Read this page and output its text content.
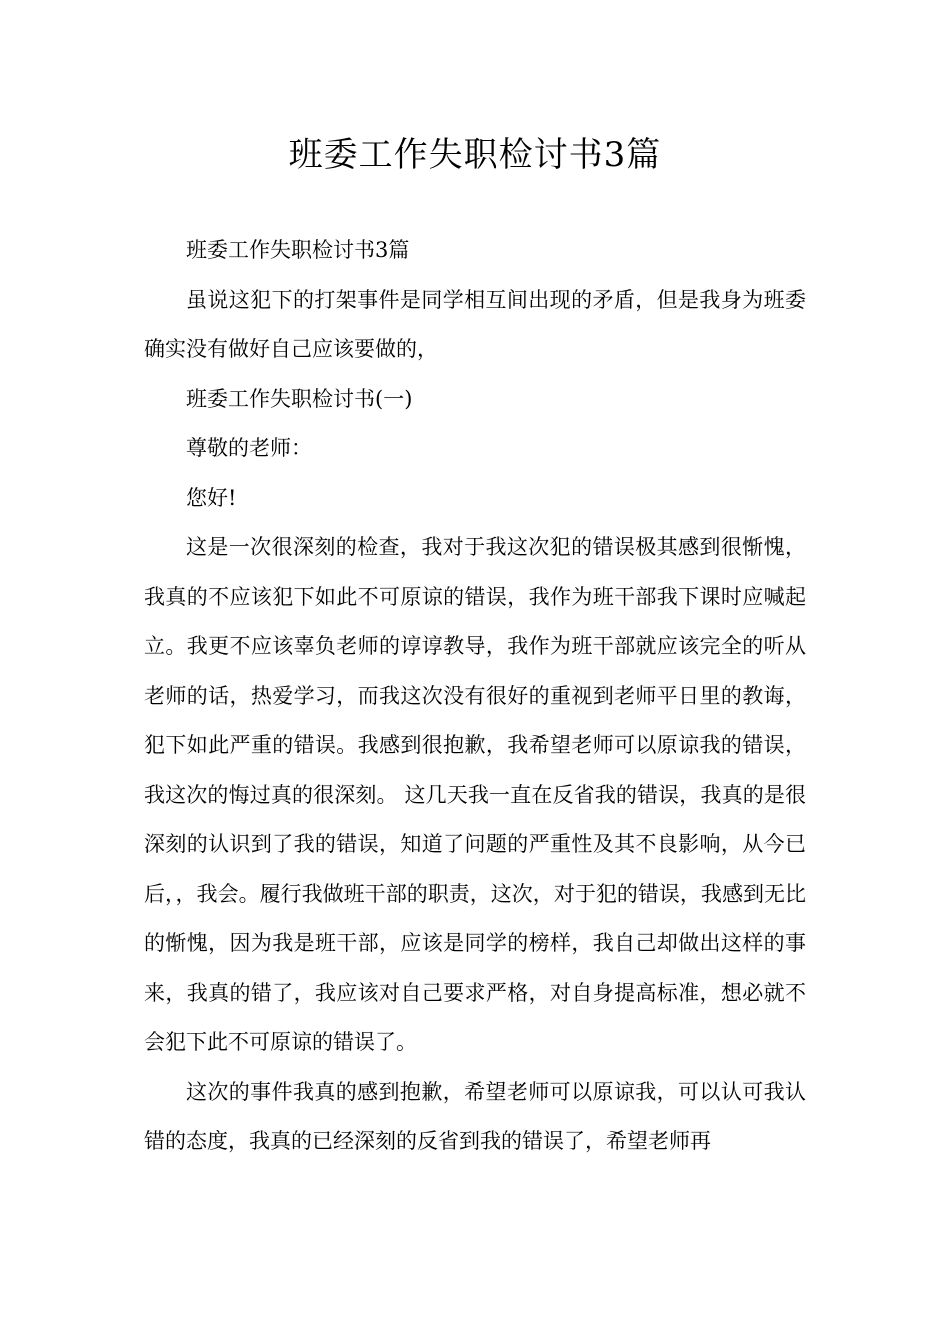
班委工作失职检讨书3篇

班委工作失职检讨书3篇

虽说这犯下的打架事件是同学相互间出现的矛盾，但是我身为班委确实没有做好自己应该要做的，

班委工作失职检讨书(一)

尊敬的老师：

您好!

这是一次很深刻的检查，我对于我这次犯的错误极其感到很惭愧，我真的不应该犯下如此不可原谅的错误，我作为班干部我下课时应喊起立。我更不应该辜负老师的谆谆教导，我作为班干部就应该完全的听从老师的话，热爱学习，而我这次没有很好的重视到老师平日里的教诲，犯下如此严重的错误。我感到很抱歉，我希望老师可以原谅我的错误，我这次的悔过真的很深刻。 这几天我一直在反省我的错误，我真的是很深刻的认识到了我的错误，知道了问题的严重性及其不良影响，从今已后，，我会。履行我做班干部的职责，这次，对于犯的错误，我感到无比的惭愧，因为我是班干部，应该是同学的榜样，我自己却做出这样的事来，我真的错了，我应该对自己要求严格，对自身提高标准，想必就不会犯下此不可原谅的错误了。

这次的事件我真的感到抱歉，希望老师可以原谅我，可以认可我认错的态度，我真的已经深刻的反省到我的错误了，希望老师再
